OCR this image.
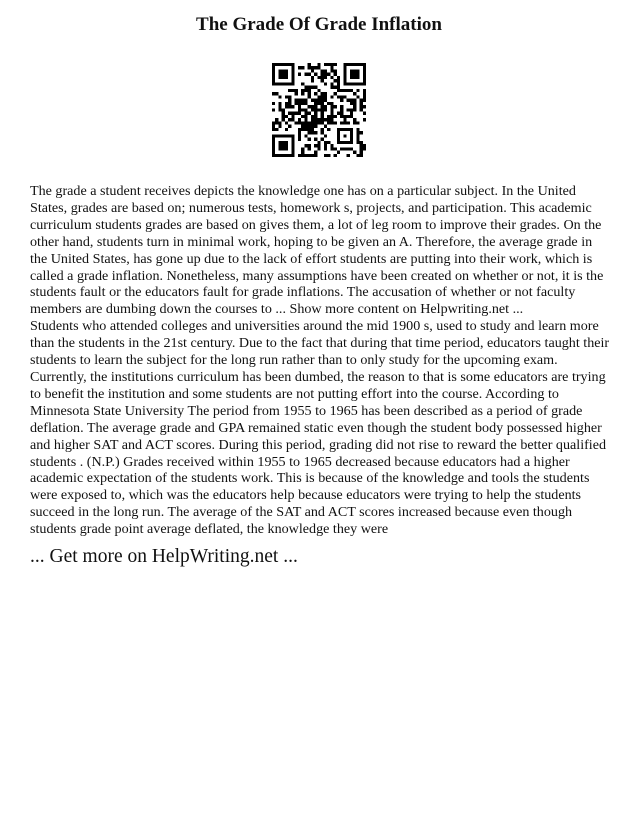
The Grade Of Grade Inflation

The grade a student receives depicts the knowledge one has on a particular subject. In the United States, grades are based on; numerous tests, homework s, projects, and participation. This academic curriculum students grades are based on gives them, a lot of leg room to improve their grades. On the other hand, students turn in minimal work, hoping to be given an A. Therefore, the average grade in the United States, has gone up due to the lack of effort students are putting into their work, which is called a grade inflation. Nonetheless, many assumptions have been created on whether or not, it is the students fault or the educators fault for grade inflations. The accusation of whether or not faculty members are dumbing down the courses to ... Show more content on Helpwriting.net ...

Students who attended colleges and universities around the mid 1900 s, used to study and learn more than the students in the 21st century. Due to the fact that during that time period, educators taught their students to learn the subject for the long run rather than to only study for the upcoming exam. Currently, the institutions curriculum has been dumbed, the reason to that is some educators are trying to benefit the institution and some students are not putting effort into the course. According to Minnesota State University The period from 1955 to 1965 has been described as a period of grade deflation. The average grade and GPA remained static even though the student body possessed higher and higher SAT and ACT scores. During this period, grading did not rise to reward the better qualified students . (N.P.) Grades received within 1955 to 1965 decreased because educators had a higher academic expectation of the students work. This is because of the knowledge and tools the students were exposed to, which was the educators help because educators were trying to help the students succeed in the long run. The average of the SAT and ACT scores increased because even though students grade point average deflated, the knowledge they were

... Get more on HelpWriting.net ...
